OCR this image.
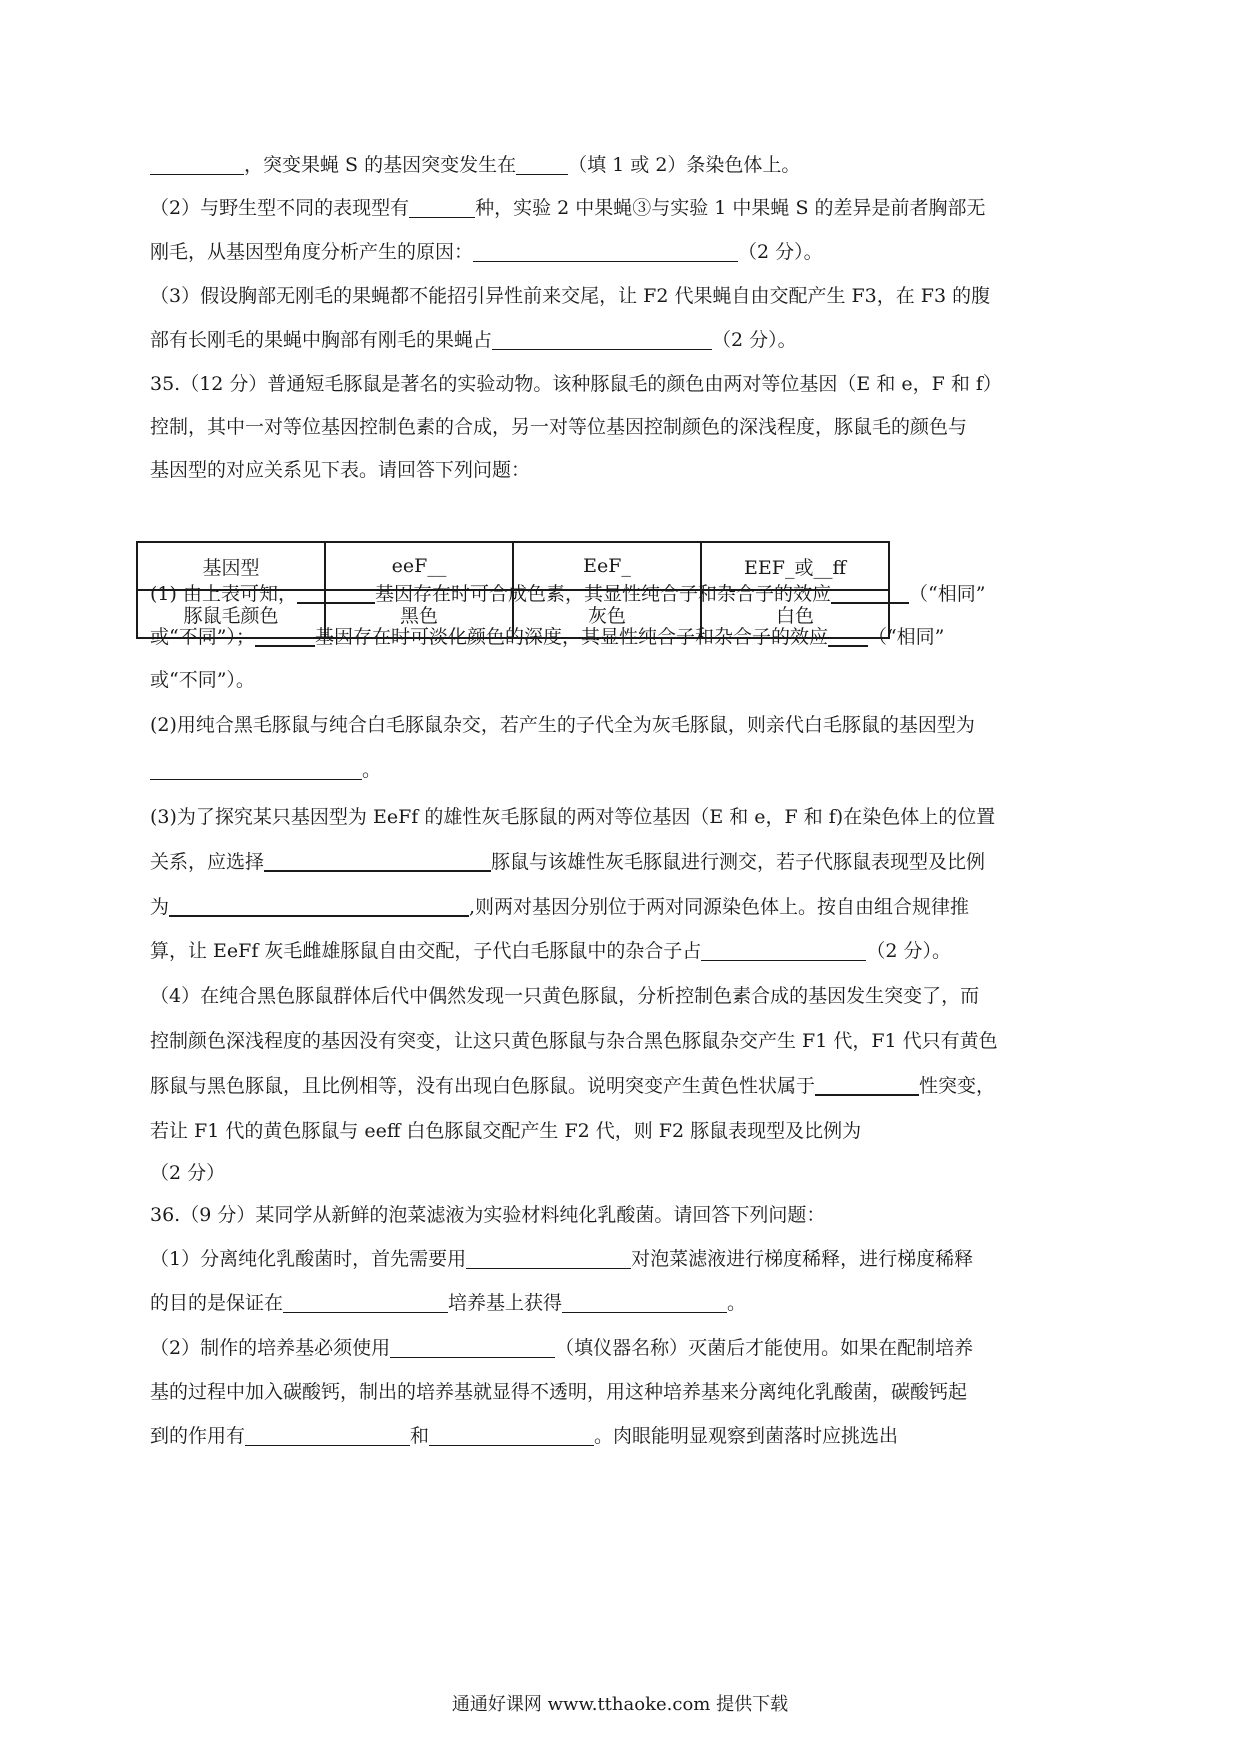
，突变果蝇 S 的基因突变发生在	（填 1 或 2）条染色体上。
（2）与野生型不同的表现型有	种，实验 2 中果蝇③与实验 1 中果蝇 S 的差异是前者胸部无
刚毛，从基因型角度分析产生的原因：	（2 分）。
（3）假设胸部无刚毛的果蝇都不能招引异性前来交尾，让 F2 代果蝇自由交配产生 F3，在 F3 的腹
部有长刚毛的果蝇中胸部有刚毛的果蝇占	（2 分）。
35.（12 分）普通短毛豚鼠是著名的实验动物。该种豚鼠毛的颜色由两对等位基因（E 和 e，F 和 f）
控制，其中一对等位基因控制色素的合成，另一对等位基因控制颜色的深浅程度，豚鼠毛的颜色与
基因型的对应关系见下表。请回答下列问题：
基因型	eeF__	EeF_	EEF_或__ff
豚鼠毛颜色	黑色	灰色	白色
(1) 由上表可知，	基因存在时可合成色素，其显性纯合子和杂合子的效应	（“相同”
或“不同”）；	基因存在时可淡化颜色的深度，其显性纯合子和杂合子的效应 （“相同”
或“不同”）。
(2)用纯合黑毛豚鼠与纯合白毛豚鼠杂交，若产生的子代全为灰毛豚鼠，则亲代白毛豚鼠的基因型为
。
(3)为了探究某只基因型为 EeFf 的雄性灰毛豚鼠的两对等位基因（E 和 e，F 和 f)在染色体上的位置
关系，应选择	豚鼠与该雄性灰毛豚鼠进行测交，若子代豚鼠表现型及比例
为	,则两对基因分别位于两对同源染色体上。按自由组合规律推
算，让 EeFf 灰毛雌雄豚鼠自由交配，子代白毛豚鼠中的杂合子占	（2 分）。
（4）在纯合黑色豚鼠群体后代中偶然发现一只黄色豚鼠，分析控制色素合成的基因发生突变了，而
控制颜色深浅程度的基因没有突变，让这只黄色豚鼠与杂合黑色豚鼠杂交产生 F1 代，F1 代只有黄色
豚鼠与黑色豚鼠，且比例相等，没有出现白色豚鼠。说明突变产生黄色性状属于	性突变，
若让 F1 代的黄色豚鼠与 eeff 白色豚鼠交配产生 F2 代，则 F2 豚鼠表现型及比例为
（2 分）
36.（9 分）某同学从新鲜的泡菜滤液为实验材料纯化乳酸菌。请回答下列问题：
（1）分离纯化乳酸菌时，首先需要用	对泡菜滤液进行梯度稀释，进行梯度稀释
的目的是保证在	培养基上获得	。
（2）制作的培养基必须使用	（填仪器名称）灭菌后才能使用。如果在配制培养
基的过程中加入碳酸钙，制出的培养基就显得不透明，用这种培养基来分离纯化乳酸菌，碳酸钙起
到的作用有	和	。肉眼能明显观察到菌落时应挑选出
通通好课网 www.tthaoke.com 提供下载
